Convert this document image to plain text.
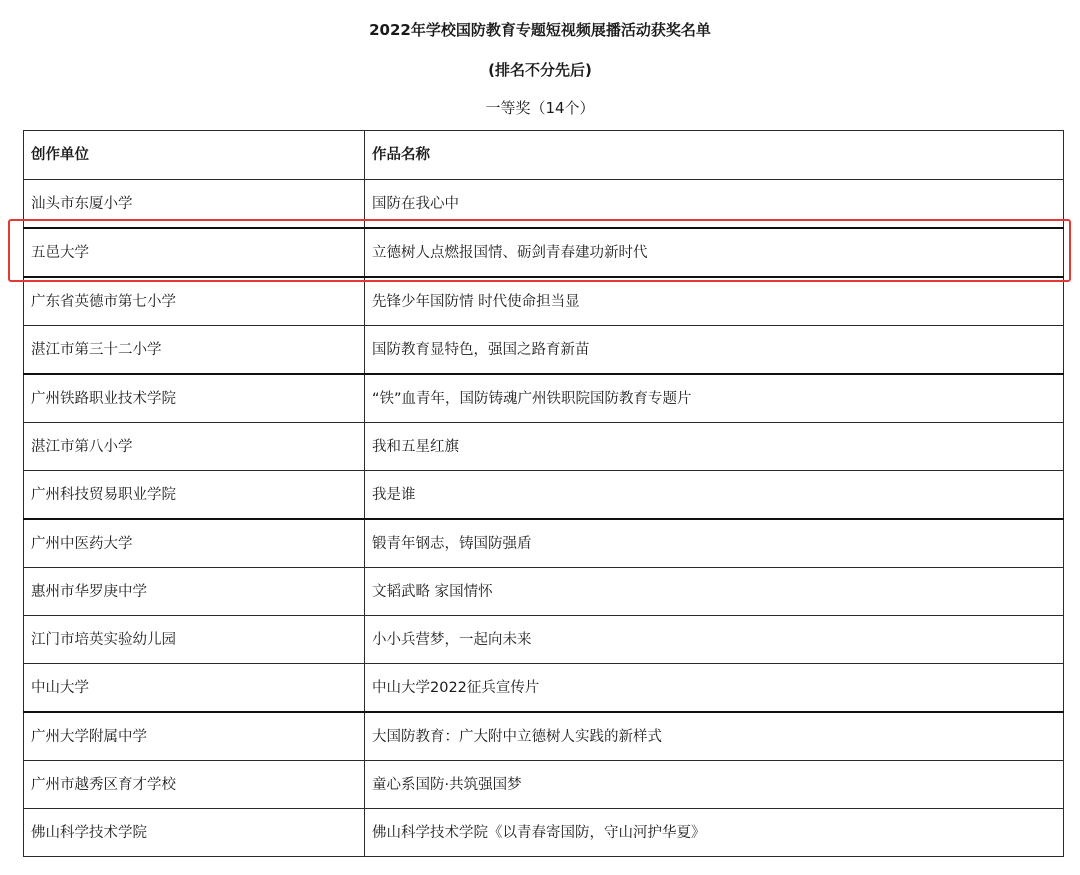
2022年学校国防教育专题短视频展播活动获奖名单
(排名不分先后)
一等奖（14个）
创作单位	作品名称
汕头市东厦小学	国防在我心中
五邑大学	立德树人点燃报国情、砺剑青春建功新时代
广东省英德市第七小学	先锋少年国防情 时代使命担当显
湛江市第三十二小学	国防教育显特色，强国之路育新苗
广州铁路职业技术学院	“铁”血青年，国防铸魂广州铁职院国防教育专题片
湛江市第八小学	我和五星红旗
广州科技贸易职业学院	我是谁
广州中医药大学	锻青年钢志，铸国防强盾
惠州市华罗庚中学	文韬武略 家国情怀
江门市培英实验幼儿园	小小兵营梦，一起向未来
中山大学	中山大学2022征兵宣传片
广州大学附属中学	大国防教育：广大附中立德树人实践的新样式
广州市越秀区育才学校	童心系国防·共筑强国梦
佛山科学技术学院	佛山科学技术学院《以青春寄国防，守山河护华夏》
